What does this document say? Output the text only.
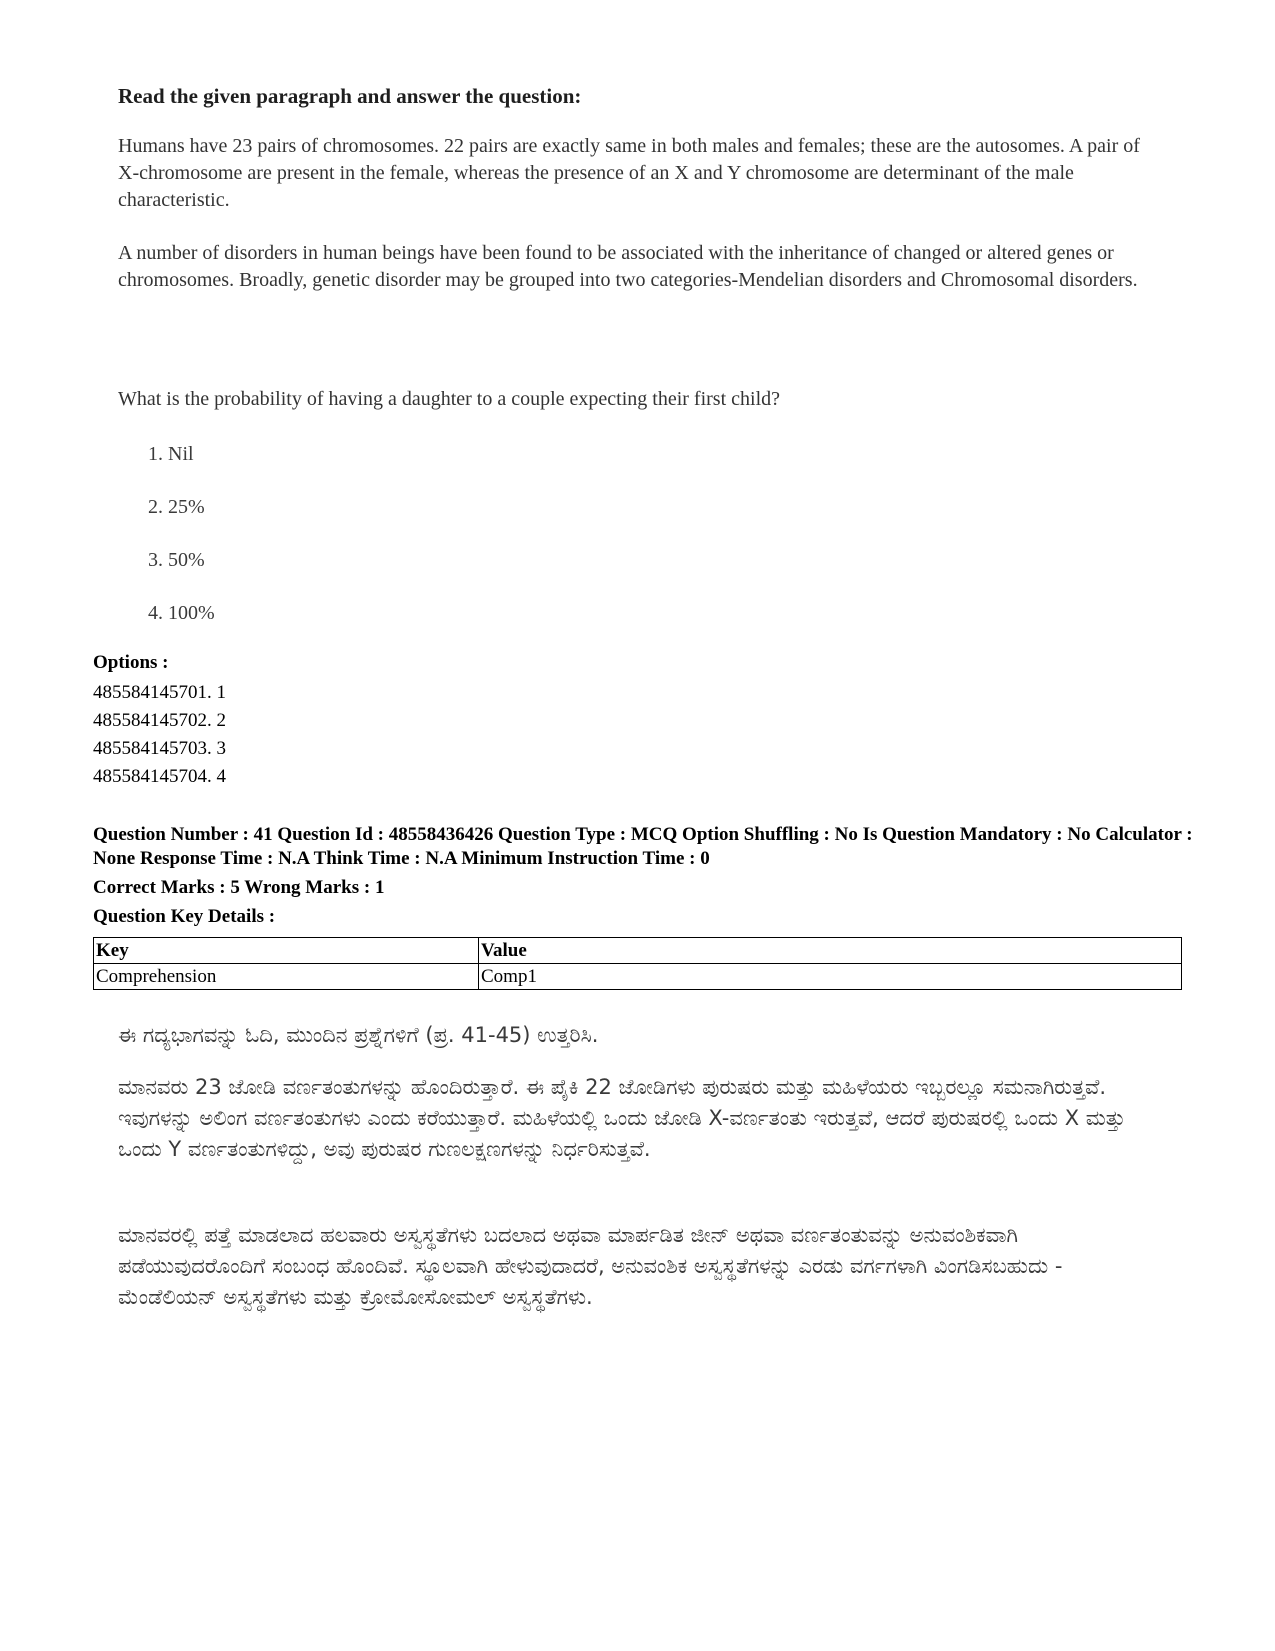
Read the given paragraph and answer the question:
Humans have 23 pairs of chromosomes. 22 pairs are exactly same in both males and females; these are the autosomes. A pair of X-chromosome are present in the female, whereas the presence of an X and Y chromosome are determinant of the male characteristic.
A number of disorders in human beings have been found to be associated with the inheritance of changed or altered genes or chromosomes. Broadly, genetic disorder may be grouped into two categories-Mendelian disorders and Chromosomal disorders.
What is the probability of having a daughter to a couple expecting their first child?
1. Nil
2. 25%
3. 50%
4. 100%
Options :
485584145701. 1
485584145702. 2
485584145703. 3
485584145704. 4
Question Number : 41 Question Id : 48558436426 Question Type : MCQ Option Shuffling : No Is Question Mandatory : No Calculator : None Response Time : N.A Think Time : N.A Minimum Instruction Time : 0
Correct Marks : 5 Wrong Marks : 1
Question Key Details :
Key	Value
Comprehension	Comp1
ಈ ಗದ್ಯಭಾಗವನ್ನು ಓದಿ, ಮುಂದಿನ ಪ್ರಶ್ನೆಗಳಿಗೆ (ಪ್ರ. 41-45) ಉತ್ತರಿಸಿ.
ಮಾನವರು 23 ಜೋಡಿ ವರ್ಣತಂತುಗಳನ್ನು ಹೊಂದಿರುತ್ತಾರೆ. ಈ ಪೈಕಿ 22 ಜೋಡಿಗಳು ಪುರುಷರು ಮತ್ತು ಮಹಿಳೆಯರು ಇಬ್ಬರಲ್ಲೂ ಸಮನಾಗಿರುತ್ತವೆ. ಇವುಗಳನ್ನು ಅಲಿಂಗ ವರ್ಣತಂತುಗಳು ಎಂದು ಕರೆಯುತ್ತಾರೆ. ಮಹಿಳೆಯಲ್ಲಿ ಒಂದು ಜೋಡಿ X-ವರ್ಣತಂತು ಇರುತ್ತವೆ, ಆದರೆ ಪುರುಷರಲ್ಲಿ ಒಂದು X ಮತ್ತು ಒಂದು Y ವರ್ಣತಂತುಗಳಿದ್ದು, ಅವು ಪುರುಷರ ಗುಣಲಕ್ಷಣಗಳನ್ನು ನಿರ್ಧರಿಸುತ್ತವೆ.
ಮಾನವರಲ್ಲಿ ಪತ್ತೆ ಮಾಡಲಾದ ಹಲವಾರು ಅಸ್ವಸ್ಥತೆಗಳು ಬದಲಾದ ಅಥವಾ ಮಾರ್ಪಡಿತ ಜೀನ್ ಅಥವಾ ವರ್ಣತಂತುವನ್ನು ಅನುವಂಶಿಕವಾಗಿ ಪಡೆಯುವುದರೊಂದಿಗೆ ಸಂಬಂಧ ಹೊಂದಿವೆ. ಸ್ಥೂಲವಾಗಿ ಹೇಳುವುದಾದರೆ, ಅನುವಂಶಿಕ ಅಸ್ವಸ್ಥತೆಗಳನ್ನು ಎರಡು ವರ್ಗಗಳಾಗಿ ವಿಂಗಡಿಸಬಹುದು - ಮೆಂಡೆಲಿಯನ್ ಅಸ್ವಸ್ಥತೆಗಳು ಮತ್ತು ಕ್ರೋಮೋಸೋಮಲ್ ಅಸ್ವಸ್ಥತೆಗಳು.
